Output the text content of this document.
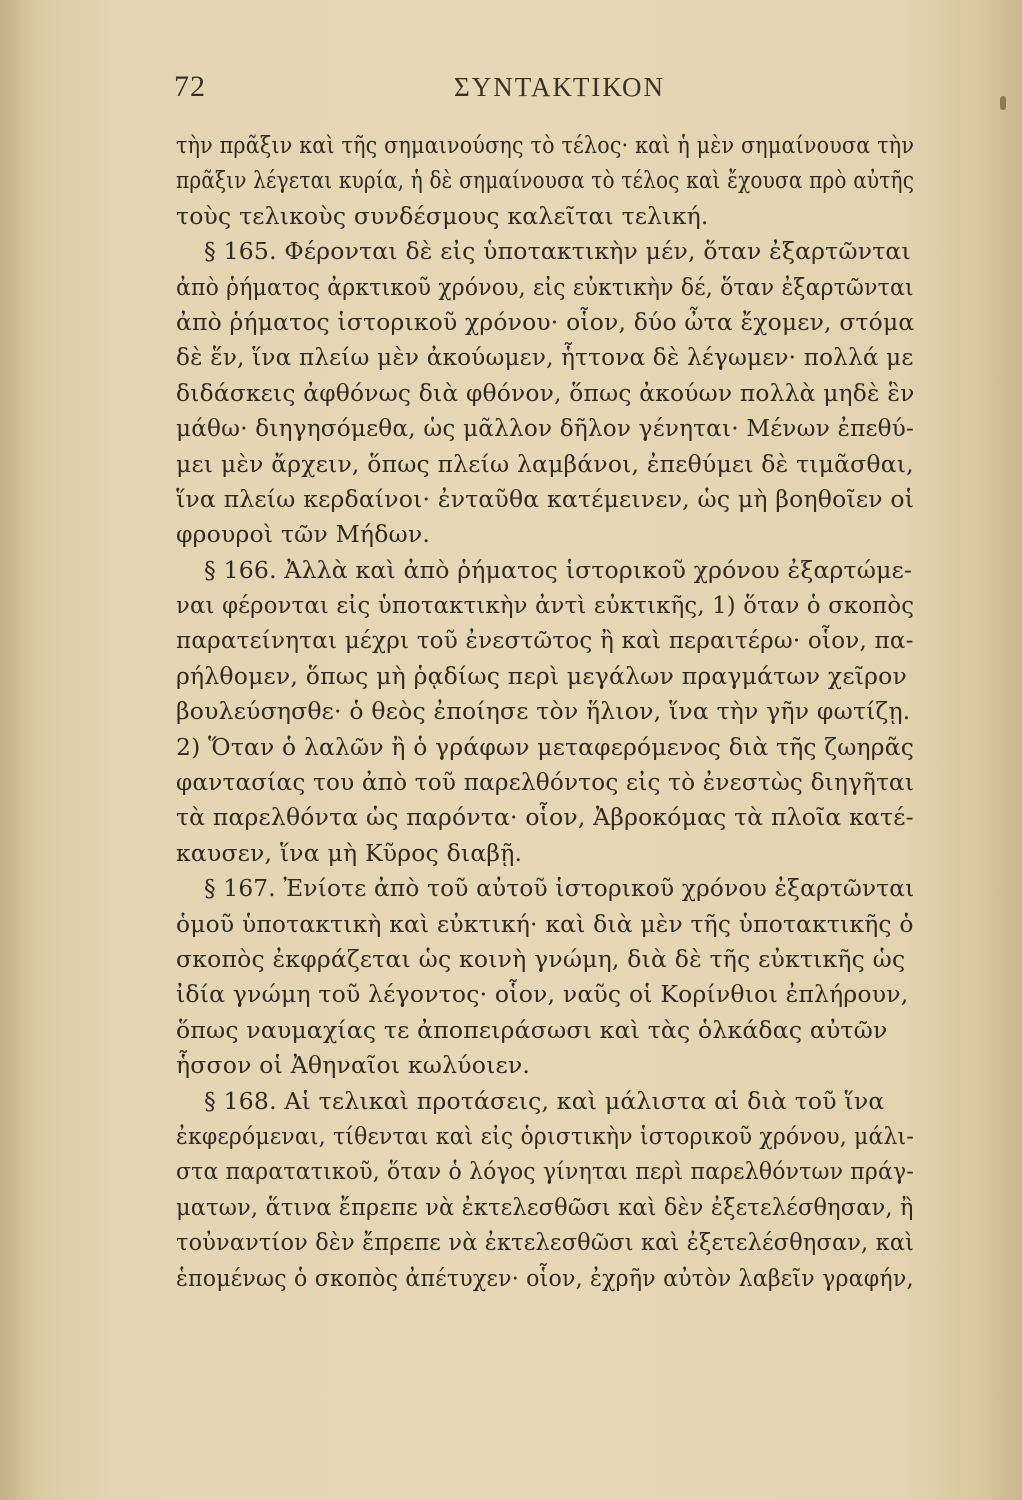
72	ΣΥΝΤΑΚΤΙΚΟΝ
τὴν πρᾶξιν καὶ τῆς σημαινούσης τὸ τέλος· καὶ ἡ μὲν σημαίνουσα τὴν
πρᾶξιν λέγεται κυρία, ἡ δὲ σημαίνουσα τὸ τέλος καὶ ἔχουσα πρὸ αὐτῆς
τοὺς τελικοὺς συνδέσμους καλεῖται τελική.
§ 165. Φέρονται δὲ εἰς ὑποτακτικὴν μέν, ὅταν ἐξαρτῶνται
ἀπὸ ῥήματος ἀρκτικοῦ χρόνου, εἰς εὐκτικὴν δέ, ὅταν ἐξαρτῶνται
ἀπὸ ῥήματος ἱστορικοῦ χρόνου· οἷον, δύο ὦτα ἔχομεν, στόμα
δὲ ἕν, ἵνα πλείω μὲν ἀκούωμεν, ἧττονα δὲ λέγωμεν· πολλά με
διδάσκεις ἀφθόνως διὰ φθόνον, ὅπως ἀκούων πολλὰ μηδὲ ἓν
μάθω· διηγησόμεθα, ὡς μᾶλλον δῆλον γένηται· Μένων ἐπεθύ-
μει μὲν ἄρχειν, ὅπως πλείω λαμβάνοι, ἐπεθύμει δὲ τιμᾶσθαι,
ἵνα πλείω κερδαίνοι· ἐνταῦθα κατέμεινεν, ὡς μὴ βοηθοῖεν οἱ
φρουροὶ τῶν Μήδων.
§ 166. Ἀλλὰ καὶ ἀπὸ ῥήματος ἱστορικοῦ χρόνου ἐξαρτώμε-
ναι φέρονται εἰς ὑποτακτικὴν ἀντὶ εὐκτικῆς, 1) ὅταν ὁ σκοπὸς
παρατείνηται μέχρι τοῦ ἐνεστῶτος ἢ καὶ περαιτέρω· οἷον, πα-
ρήλθομεν, ὅπως μὴ ῥᾳδίως περὶ μεγάλων πραγμάτων χεῖρον
βουλεύσησθε· ὁ θεὸς ἐποίησε τὸν ἥλιον, ἵνα τὴν γῆν φωτίζῃ.
2) Ὅταν ὁ λαλῶν ἢ ὁ γράφων μεταφερόμενος διὰ τῆς ζωηρᾶς
φαντασίας του ἀπὸ τοῦ παρελθόντος εἰς τὸ ἐνεστὼς διηγῆται
τὰ παρελθόντα ὡς παρόντα· οἷον, Ἀβροκόμας τὰ πλοῖα κατέ-
καυσεν, ἵνα μὴ Κῦρος διαβῇ.
§ 167. Ἐνίοτε ἀπὸ τοῦ αὐτοῦ ἱστορικοῦ χρόνου ἐξαρτῶνται
ὁμοῦ ὑποτακτικὴ καὶ εὐκτική· καὶ διὰ μὲν τῆς ὑποτακτικῆς ὁ
σκοπὸς ἐκφράζεται ὡς κοινὴ γνώμη, διὰ δὲ τῆς εὐκτικῆς ὡς
ἰδία γνώμη τοῦ λέγοντος· οἷον, ναῦς οἱ Κορίνθιοι ἐπλήρουν,
ὅπως ναυμαχίας τε ἀποπειράσωσι καὶ τὰς ὁλκάδας αὐτῶν
ἧσσον οἱ Ἀθηναῖοι κωλύοιεν.
§ 168. Αἱ τελικαὶ προτάσεις, καὶ μάλιστα αἱ διὰ τοῦ ἵνα
ἐκφερόμεναι, τίθενται καὶ εἰς ὁριστικὴν ἱστορικοῦ χρόνου, μάλι-
στα παρατατικοῦ, ὅταν ὁ λόγος γίνηται περὶ παρελθόντων πράγ-
ματων, ἅτινα ἔπρεπε νὰ ἐκτελεσθῶσι καὶ δὲν ἐξετελέσθησαν, ἢ
τοὐναντίον δὲν ἔπρεπε νὰ ἐκτελεσθῶσι καὶ ἐξετελέσθησαν, καὶ
ἑπομένως ὁ σκοπὸς ἀπέτυχεν· οἷον, ἐχρῆν αὐτὸν λαβεῖν γραφήν,
